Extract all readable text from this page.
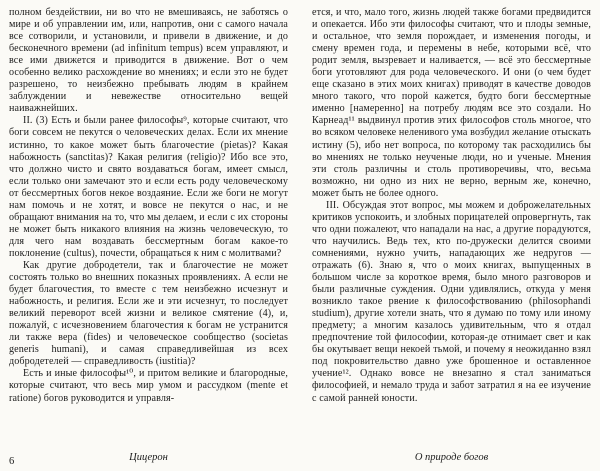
полном бездействии, ни во что не вмешиваясь, не заботясь о мире и об управлении им, или, напротив, они с самого начала все сотворили, и установили, и привели в движение, и до бесконечного времени (ad infinitum tempus) всем управляют, и все ими движется и приводится в движение. Вот о чем особенно велико расхождение во мнениях; и если это не будет разрешено, то неизбежно пребывать людям в крайнем заблуждении и невежестве относительно вещей наиважнейших.

II. (3) Есть и были ранее философы⁹, которые считают, что боги совсем не пекутся о человеческих делах. Если их мнение истинно, то какое может быть благочестие (pietas)? Какая набожность (sanctitas)? Какая религия (religio)? Ибо все это, что должно чисто и свято воздаваться богам, имеет смысл, если только они замечают это и если есть роду человеческому от бессмертных богов некое воздаяние. Если же боги не могут нам помочь и не хотят, и вовсе не пекутся о нас, и не обращают внимания на то, что мы делаем, и если с их стороны не может быть никакого влияния на жизнь человеческую, то для чего нам воздавать бессмертным богам какое-то поклонение (cultus), почести, обращаться к ним с молитвами?

Как другие добродетели, так и благочестие не может состоять только во внешних показных проявлениях. А если не будет благочестия, то вместе с тем неизбежно исчезнут и набожность, и религия. Если же и эти исчезнут, то последует великий переворот всей жизни и великое смятение (4), и, пожалуй, с исчезновением благочестия к богам не устранится ли также вера (fides) и человеческое сообщество (societas generis humani), и самая справедливейшая из всех добродетелей — справедливость (iustitia)?

Есть и иные философы¹⁰, и притом великие и благородные, которые считают, что весь мир умом и рассудком (mente et ratione) богов руководится и управля-

6	Цицерон

ется, и что, мало того, жизнь людей также богами предвидится и опекается. Ибо эти философы считают, что и плоды земные, и остальное, что земля порождает, и изменения погоды, и смену времен года, и перемены в небе, которыми всё, что родит земля, вызревает и наливается, — всё это бессмертные боги уготовляют для рода человеческого. И они (о чем будет еще сказано в этих моих книгах) приводят в качестве доводов много такого, что порой кажется, будто боги бессмертные именно [намеренно] на потребу людям все это создали. Но Карнеад¹¹ выдвинул против этих философов столь многое, что во всяком человеке неленивого ума возбудил желание отыскать истину (5), ибо нет вопроса, по которому так расходились бы во мнениях не только неученые люди, но и ученые. Мнения эти столь различны и столь противоречивы, что, весьма возможно, ни одно из них не верно, верным же, конечно, может быть не более одного.

III. Обсуждая этот вопрос, мы можем и доброжелательных критиков успокоить, и злобных порицателей опровергнуть, так что одни пожалеют, что нападали на нас, а другие порадуются, что научились. Ведь тех, кто по-дружески делится своими сомнениями, нужно учить, нападающих же недругов — отражать (6). Знаю я, что о моих книгах, выпущенных в большом числе за короткое время, было много разговоров и были различные суждения. Одни удивлялись, откуда у меня возникло такое рвение к философствованию (philosophandi studium), другие хотели знать, что я думаю по тому или иному предмету; а многим казалось удивительным, что я отдал предпочтение той философии, которая-де отнимает свет и как бы окутывает вещи некоей тьмой, и почему я неожиданно взял под покровительство давно уже брошенное и оставленное учение¹². Однако вовсе не внезапно я стал заниматься философией, и немало труда и забот затратил я на ее изучение с самой ранней юности.

О природе богов
